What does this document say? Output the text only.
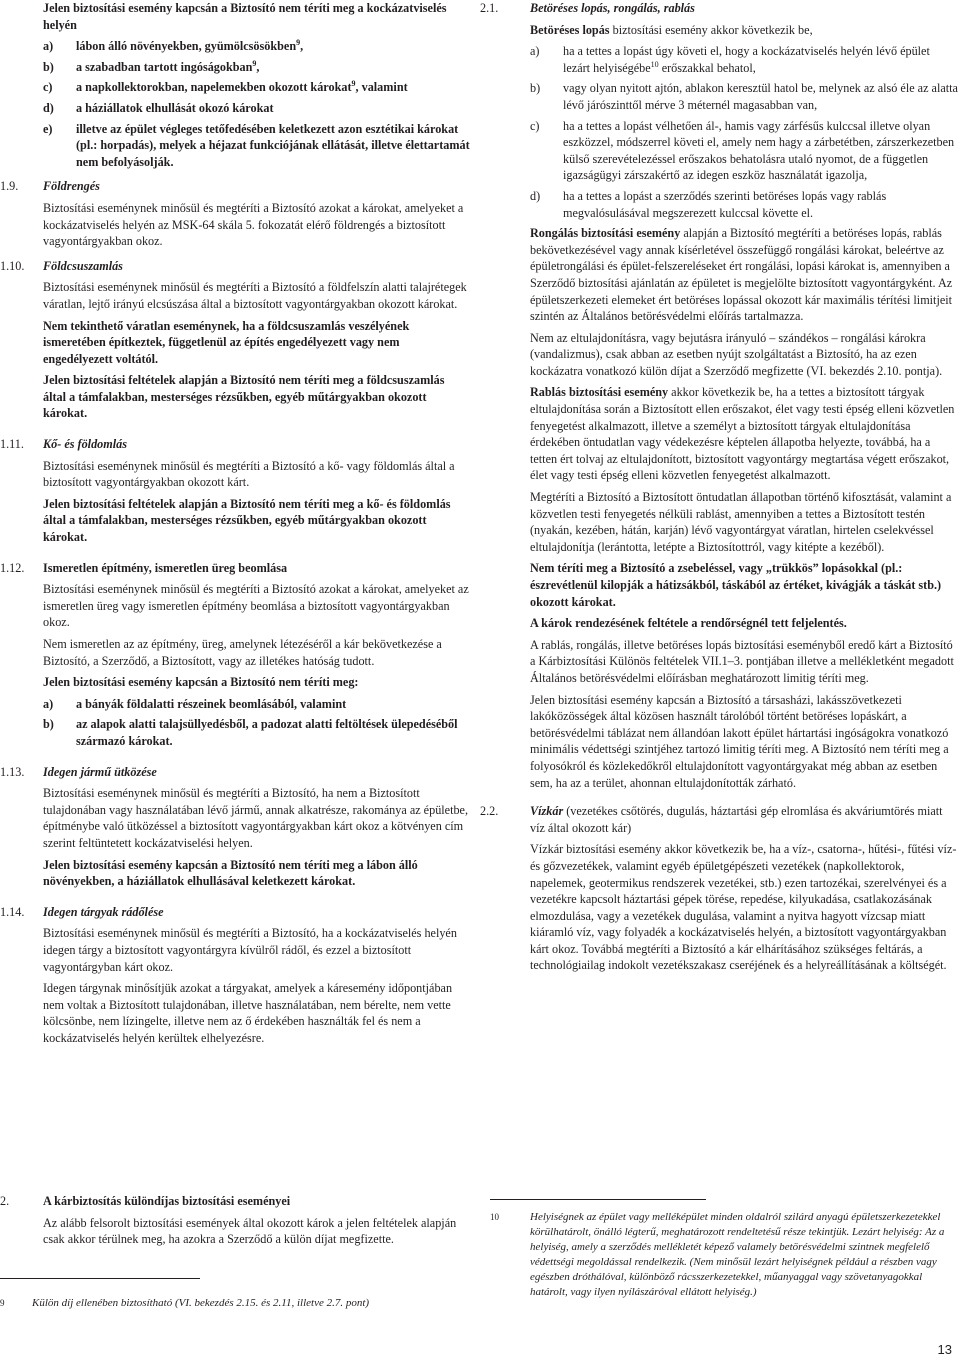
Jelen biztosítási esemény kapcsán a Biztosító nem téríti meg a kockázatviselés helyén
a)	lábon álló növényekben, gyümölcsösökben$^9$,
b)	a szabadban tartott ingóságokban$^9$,
c)	a napkollektorokban, napelemekben okozott károkat$^9$, valamint
d)	a háziállatok elhullását okozó károkat
e)	illetve az épület végleges tetőfedésében keletkezett azon esztétikai károkat (pl.: horpadás), melyek a héjazat funkciójának ellátását, illetve élettartamát nem befolyásolják.
1.9.	Földrengés
Biztosítási eseménynek minősül és megtéríti a Biztosító azokat a károkat, amelyeket a kockázatviselés helyén az MSK-64 skála 5. fokozatát elérő földrengés a biztosított vagyontárgyakban okoz.
1.10.	Földcsuszamlás
Biztosítási eseménynek minősül és megtéríti a Biztosító a földfelszín alatti talajrétegek váratlan, lejtő irányú elcsúszása által a biztosított vagyontárgyakban okozott károkat.
Nem tekinthető váratlan eseménynek, ha a földcsuszamlás veszélyének ismeretében építkeztek, függetlenül az építés engedélyezett vagy nem engedélyezett voltától.
Jelen biztosítási feltételek alapján a Biztosító nem téríti meg a földcsuszamlás által a támfalakban, mesterséges rézsűkben, egyéb műtárgyakban okozott károkat.
1.11.	Kő- és földomlás
Biztosítási eseménynek minősül és megtéríti a Biztosító a kő- vagy földomlás által a biztosított vagyontárgyakban okozott kárt.
Jelen biztosítási feltételek alapján a Biztosító nem téríti meg a kő- és földomlás által a támfalakban, mesterséges rézsűkben, egyéb műtárgyakban okozott károkat.
1.12.	Ismeretlen építmény, ismeretlen üreg beomlása
Biztosítási eseménynek minősül és megtéríti a Biztosító azokat a károkat, amelyeket az ismeretlen üreg vagy ismeretlen építmény beomlása a biztosított vagyontárgyakban okoz.
Nem ismeretlen az az építmény, üreg, amelynek létezéséről a kár bekövetkezése a Biztosító, a Szerződő, a Biztosított, vagy az illetékes hatóság tudott.
Jelen biztosítási esemény kapcsán a Biztosító nem téríti meg:
a)	a bányák földalatti részeinek beomlásából, valamint
b)	az alapok alatti talajsüllyedésből, a padozat alatti feltöltések ülepedéséből származó károkat.
1.13.	Idegen jármű ütközése
Biztosítási eseménynek minősül és megtéríti a Biztosító, ha nem a Biztosított tulajdonában vagy használatában lévő jármű, annak alkatrésze, rakománya az épületbe, építménybe való ütközéssel a biztosított vagyontárgyakban kárt okoz a kötvényen cím szerint feltüntetett kockázatviselési helyen.
Jelen biztosítási esemény kapcsán a Biztosító nem téríti meg a lábon álló növényekben, a háziállatok elhullásával keletkezett károkat.
1.14.	Idegen tárgyak rádőlése
Biztosítási eseménynek minősül és megtéríti a Biztosító, ha a kockázatviselés helyén idegen tárgy a biztosított vagyontárgyra kívülről rádől, és ezzel a biztosított vagyontárgyban kárt okoz.
Idegen tárgynak minősítjük azokat a tárgyakat, amelyek a káresemény időpontjában nem voltak a Biztosított tulajdonában, illetve használatában, nem bérelte, nem vette kölcsönbe, nem lízingelte, illetve nem az ő érdekében használták fel és nem a kockázatviselés helyén kerültek elhelyezésre.
2.	A kárbiztosítás különdíjas biztosítási eseményei
Az alább felsorolt biztosítási események által okozott károk a jelen feltételek alapján csak akkor térülnek meg, ha azokra a Szerződő a külön díjat megfizette.
2.1.	Betöréses lopás, rongálás, rablás
Betöréses lopás biztosítási esemény akkor következik be,
a)	ha a tettes a lopást úgy követi el, hogy a kockázatviselés helyén lévő épület lezárt helyiségébe$^{10}$ erőszakkal behatol,
b)	vagy olyan nyitott ajtón, ablakon keresztül hatol be, melynek az alsó éle az alatta lévő járószinttől mérve 3 méternél magasabban van,
c)	ha a tettes a lopást vélhetően ál-, hamis vagy zárfésűs kulccsal illetve olyan eszközzel, módszerrel követi el, amely nem hagy a zárbetétben, zárszerkezetben külső szerevételezéssel erőszakos behatolásra utaló nyomot, de a független igazságügyi zárszakértő az idegen eszköz használatát igazolja,
d)	ha a tettes a lopást a szerződés szerinti betöréses lopás vagy rablás megvalósulásával megszerezett kulccsal követte el.
Rongálás biztosítási esemény alapján a Biztosító megtéríti a betöréses lopás, rablás bekövetkezésével vagy annak kísérletével összefüggő rongálási károkat, beleértve az épületrongálási és épület-felszereléseket ért rongálási, lopási károkat is, amennyiben a Szerződő biztosítási ajánlatán az épületet is megjelölte biztosított vagyontárgyként. Az épületszerkezeti elemeket ért betöréses lopással okozott kár maximális térítési limitjeit szintén az Általános betörésvédelmi előírás tartalmazza.
Nem az eltulajdonításra, vagy bejutásra irányuló – szándékos – rongálási károkra (vandalizmus), csak abban az esetben nyújt szolgáltatást a Biztosító, ha az ezen kockázatra vonatkozó külön díjat a Szerződő megfizette (VI. bekezdés 2.10. pontja).
Rablás biztosítási esemény akkor következik be, ha a tettes a biztosított tárgyak eltulajdonítása során a Biztosított ellen erőszakot, élet vagy testi épség elleni közvetlen fenyegetést alkalmazott, illetve a személyt a biztosított tárgyak eltulajdonítása érdekében öntudatlan vagy védekezésre képtelen állapotba helyezte, továbbá, ha a tetten ért tolvaj az eltulajdonított, biztosított vagyontárgy megtartása végett erőszakot, élet vagy testi épség elleni közvetlen fenyegetést alkalmazott.
Megtéríti a Biztosító a Biztosított öntudatlan állapotban történő kifosztását, valamint a közvetlen testi fenyegetés nélküli rablást, amennyiben a tettes a Biztosított testén (nyakán, kezében, hátán, karján) lévő vagyontárgyat váratlan, hirtelen cselekvéssel eltulajdonítja (lerántotta, letépte a Biztosítottról, vagy kitépte a kezéből).
Nem téríti meg a Biztosító a zsebeléssel, vagy „trükkös” lopásokkal (pl.: észrevétlenül kilopják a hátizsákból, táskából az értéket, kivágják a táskát stb.) okozott károkat.
A károk rendezésének feltétele a rendőrségnél tett feljelentés.
A rablás, rongálás, illetve betöréses lopás biztosítási eseményből eredő kárt a Biztosító a Kárbiztosítási Különös feltételek VII.1–3. pontjában illetve a mellékletként megadott Általános betörésvédelmi előírásban meghatározott limitig téríti meg.
Jelen biztosítási esemény kapcsán a Biztosító a társasházi, lakásszövetkezeti lakóközösségek által közösen használt tárolóból történt betöréses lopáskárt, a betörésvédelmi táblázat nem állandóan lakott épület hártartási ingóságokra vonatkozó minimális védettségi szintjéhez tartozó limitig téríti meg. A Biztosító nem téríti meg a folyosókról és közlekedőkről eltulajdonított vagyontárgyakat még abban az esetben sem, ha az a terület, ahonnan eltulajdonították zárható.
2.2.	Vízkár (vezetékes csőtörés, dugulás, háztartási gép elromlása és akváriumtörés miatt víz által okozott kár)
Vízkár biztosítási esemény akkor következik be, ha a víz-, csatorna-, hűtési-, fűtési víz- és gőzvezetékek, valamint egyéb épületgépészeti vezetékek (napkollektorok, napelemek, geotermikus rendszerek vezetékei, stb.) ezen tartozékai, szerelvényei és a vezetékre kapcsolt háztartási gépek törése, repedése, kilyukadása, csatlakozásának elmozdulása, vagy a vezetékek dugulása, valamint a nyitva hagyott vízcsap miatt kiáramló víz, vagy folyadék a kockázatviselés helyén, a biztosított vagyontárgyakban kárt okoz. Továbbá megtéríti a Biztosító a kár elhárításához szükséges feltárás, a technológiailag indokolt vezetékszakasz cseréjének és a helyreállításának a költségét.
9	Külön díj ellenében biztosítható (VI. bekezdés 2.15. és 2.11, illetve 2.7. pont)
10	Helyiségnek az épület vagy melléképület minden oldalról szilárd anyagú épületszerkezetekkel körülhatárolt, önálló légterű, meghatározott rendeltetésű része tekintjük. Lezárt helyiség: Az a helyiség, amely a szerződés mellékletét képező valamely betörésvédelmi szintnek megfelelő védettségi megoldással rendelkezik. (Nem minősül lezárt helyiségnek például a részben vagy egészben dróthálóval, különböző rácsszerkezetekkel, műanyaggal vagy szövetanyagokkal határolt, vagy ilyen nyílászáróval ellátott helyiség.)
13
